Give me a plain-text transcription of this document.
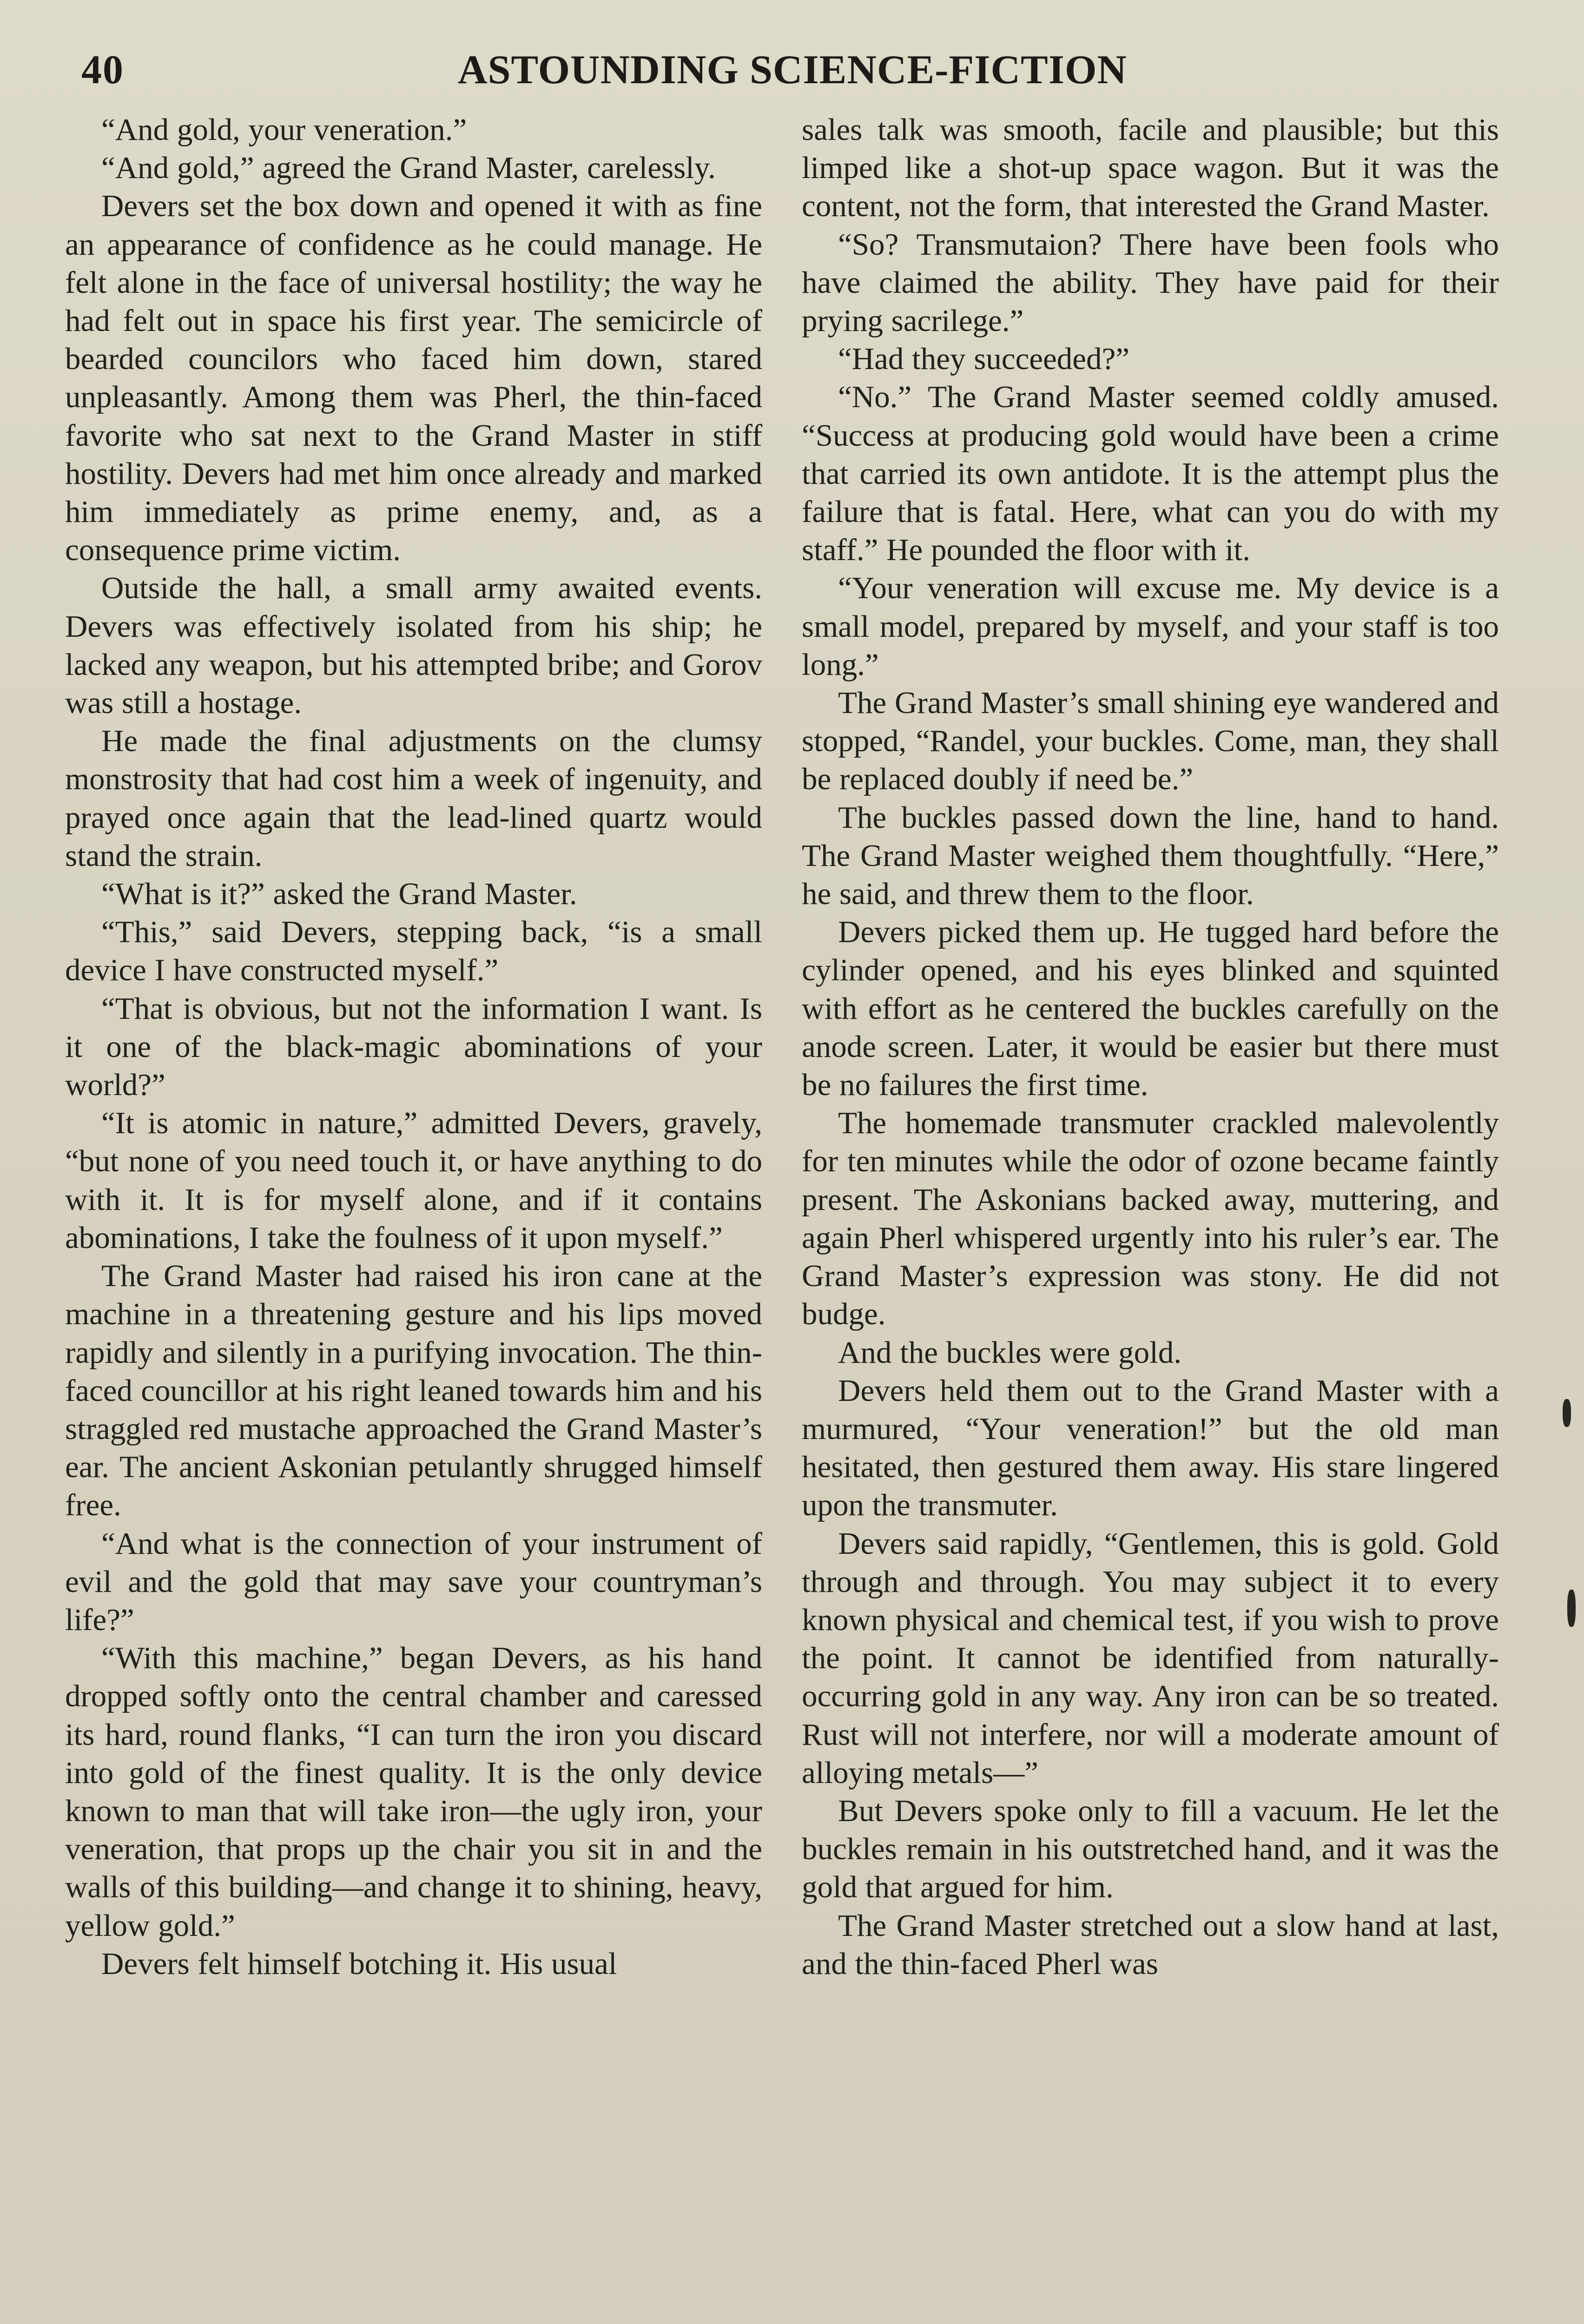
40	ASTOUNDING SCIENCE-FICTION

“And gold, your veneration.”

“And gold,” agreed the Grand Master, carelessly.

Devers set the box down and opened it with as fine an appearance of confidence as he could manage. He felt alone in the face of universal hostility; the way he had felt out in space his first year. The semicircle of bearded councilors who faced him down, stared unpleasantly. Among them was Pherl, the thin-faced favorite who sat next to the Grand Master in stiff hostility. Devers had met him once already and marked him immediately as prime enemy, and, as a consequence prime victim.

Outside the hall, a small army awaited events. Devers was effectively isolated from his ship; he lacked any weapon, but his attempted bribe; and Gorov was still a hostage.

He made the final adjustments on the clumsy monstrosity that had cost him a week of ingenuity, and prayed once again that the lead-lined quartz would stand the strain.

“What is it?” asked the Grand Master.

“This,” said Devers, stepping back, “is a small device I have constructed myself.”

“That is obvious, but not the information I want. Is it one of the black-magic abominations of your world?”

“It is atomic in nature,” admitted Devers, gravely, “but none of you need touch it, or have anything to do with it. It is for myself alone, and if it contains abominations, I take the foulness of it upon myself.”

The Grand Master had raised his iron cane at the machine in a threatening gesture and his lips moved rapidly and silently in a purifying invocation. The thin-faced councillor at his right leaned towards him and his straggled red mustache approached the Grand Master’s ear. The ancient Askonian petulantly shrugged himself free.

“And what is the connection of your instrument of evil and the gold that may save your countryman’s life?”

“With this machine,” began Devers, as his hand dropped softly onto the central chamber and caressed its hard, round flanks, “I can turn the iron you discard into gold of the finest quality. It is the only device known to man that will take iron—the ugly iron, your veneration, that props up the chair you sit in and the walls of this building—and change it to shining, heavy, yellow gold.”

Devers felt himself botching it. His usual

sales talk was smooth, facile and plausible; but this limped like a shot-up space wagon. But it was the content, not the form, that interested the Grand Master.

“So? Transmutaion? There have been fools who have claimed the ability. They have paid for their prying sacrilege.”

“Had they succeeded?”

“No.” The Grand Master seemed coldly amused. “Success at producing gold would have been a crime that carried its own antidote. It is the attempt plus the failure that is fatal. Here, what can you do with my staff.” He pounded the floor with it.

“Your veneration will excuse me. My device is a small model, prepared by myself, and your staff is too long.”

The Grand Master’s small shining eye wandered and stopped, “Randel, your buckles. Come, man, they shall be replaced doubly if need be.”

The buckles passed down the line, hand to hand. The Grand Master weighed them thoughtfully. “Here,” he said, and threw them to the floor.

Devers picked them up. He tugged hard before the cylinder opened, and his eyes blinked and squinted with effort as he centered the buckles carefully on the anode screen. Later, it would be easier but there must be no failures the first time.

The homemade transmuter crackled malevolently for ten minutes while the odor of ozone became faintly present. The Askonians backed away, muttering, and again Pherl whispered urgently into his ruler’s ear. The Grand Master’s expression was stony. He did not budge.

And the buckles were gold.

Devers held them out to the Grand Master with a murmured, “Your veneration!” but the old man hesitated, then gestured them away. His stare lingered upon the transmuter.

Devers said rapidly, “Gentlemen, this is gold. Gold through and through. You may subject it to every known physical and chemical test, if you wish to prove the point. It cannot be identified from naturally-occurring gold in any way. Any iron can be so treated. Rust will not interfere, nor will a moderate amount of alloying metals—”

But Devers spoke only to fill a vacuum. He let the buckles remain in his outstretched hand, and it was the gold that argued for him.

The Grand Master stretched out a slow hand at last, and the thin-faced Pherl was
